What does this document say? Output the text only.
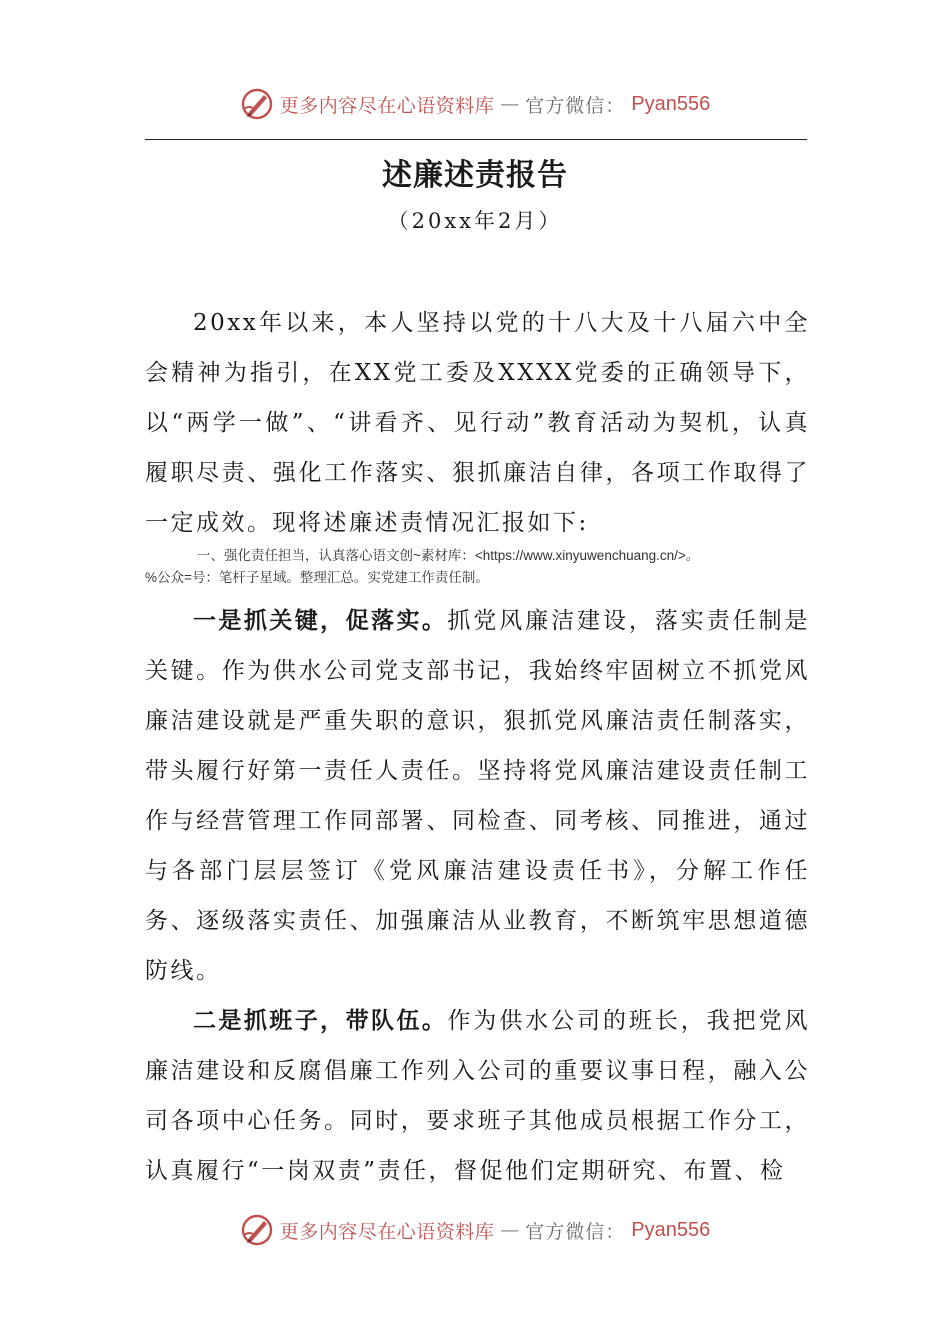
更多内容尽在心语资料库 — 官方微信： Pyan556
述廉述责报告
（20xx年2月）

20xx年以来，本人坚持以党的十八大及十八届六中全会精神为指引，在XX党工委及XXXX党委的正确领导下，以“两学一做”、“讲看齐、见行动”教育活动为契机，认真履职尽责、强化工作落实、狠抓廉洁自律，各项工作取得了一定成效。现将述廉述责情况汇报如下:

一、强化责任担当，认真落心语文创~素材库：<https://www.xinyuwenchuang.cn/>。
%公众=号：笔杆子星域。整理汇总。实党建工作责任制。

一是抓关键，促落实。抓党风廉洁建设，落实责任制是关键。作为供水公司党支部书记，我始终牢固树立不抓党风廉洁建设就是严重失职的意识，狠抓党风廉洁责任制落实，带头履行好第一责任人责任。坚持将党风廉洁建设责任制工作与经营管理工作同部署、同检查、同考核、同推进，通过与各部门层层签订《党风廉洁建设责任书》，分解工作任务、逐级落实责任、加强廉洁从业教育，不断筑牢思想道德防线。

二是抓班子，带队伍。作为供水公司的班长，我把党风廉洁建设和反腐倡廉工作列入公司的重要议事日程，融入公司各项中心任务。同时，要求班子其他成员根据工作分工，认真履行“一岗双责”责任，督促他们定期研究、布置、检

更多内容尽在心语资料库 — 官方微信： Pyan556
